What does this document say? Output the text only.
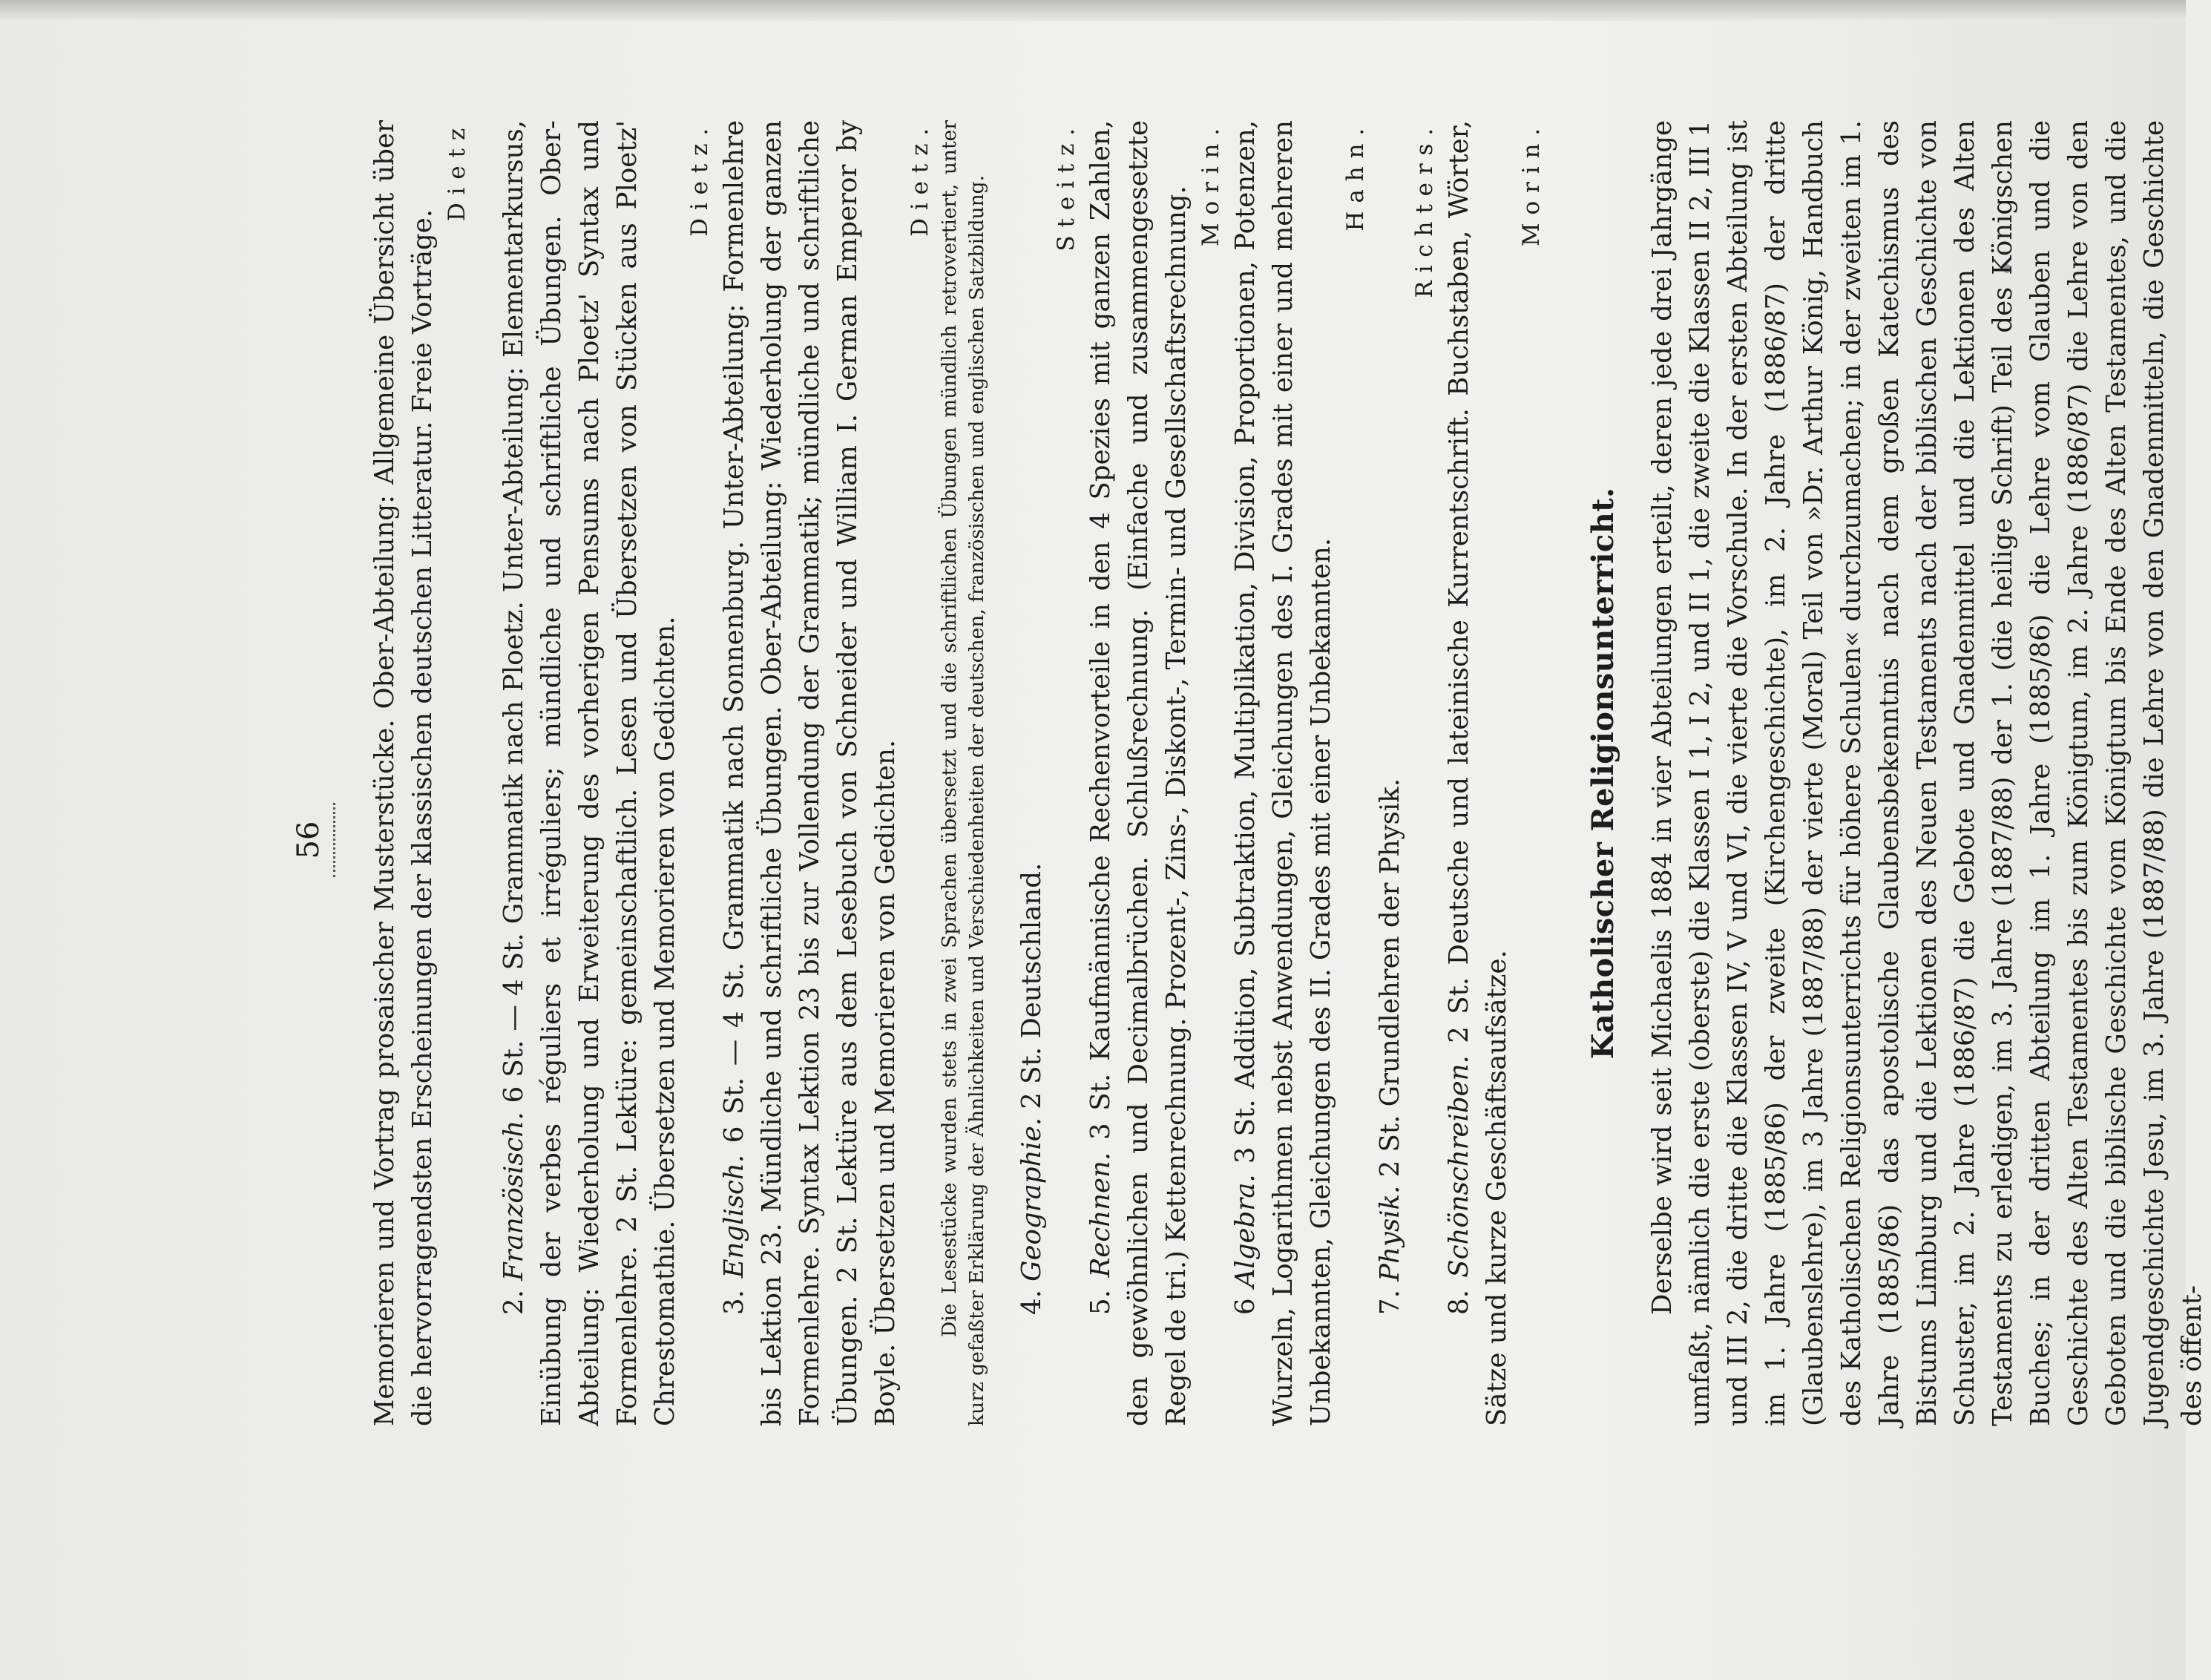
56 Memorieren und Vortrag prosaischer Musterstücke. Ober-Abteilung: Allgemeine Übersicht über die hervorragendsten Erscheinungen der klassischen deutschen Litteratur. Freie Vorträge.

Dietz

2. Französisch. 6 St. — 4 St. Grammatik nach Ploetz. Unter-Abteilung: Elementarkursus, Einübung der verbes réguliers et irréguliers; mündliche und schriftliche Übungen. Ober-Abteilung: Wiederholung und Erweiterung des vorherigen Pensums nach Ploetz' Syntax und Formenlehre. 2 St. Lektüre: gemeinschaftlich. Lesen und Übersetzen von Stücken aus Ploetz' Chrestomathie. Übersetzen und Memorieren von Gedichten.

Dietz.

3. Englisch. 6 St. — 4 St. Grammatik nach Sonnenburg. Unter-Abteilung: Formenlehre bis Lektion 23. Mündliche und schriftliche Übungen. Ober-Abteilung: Wiederholung der ganzen Formenlehre. Syntax Lektion 23 bis zur Vollendung der Grammatik; mündliche und schriftliche Übungen. 2 St. Lektüre aus dem Lesebuch von Schneider und William I. German Emperor by Boyle. Übersetzen und Memorieren von Gedichten.

Dietz. Die Lesestücke wurden stets in zwei Sprachen übersetzt und die schriftlichen Übungen mündlich retrovertiert, unter kurz gefaßter Erklärung der Ähnlichkeiten und Verschiedenheiten der deutschen, französischen und englischen Satzbildung. 4. Geographie. 2 St. Deutschland.

Steitz.

5. Rechnen. 3 St. Kaufmännische Rechenvorteile in den 4 Spezies mit ganzen Zahlen, den gewöhnlichen und Decimalbrüchen. Schlußrechnung. (Einfache und zusammengesetzte Regel de tri.) Kettenrechnung. Prozent-, Zins-, Diskont-, Termin- und Gesellschaftsrechnung.

Morin.

6 Algebra. 3 St. Addition, Subtraktion, Multiplikation, Division, Proportionen, Potenzen, Wurzeln, Logarithmen nebst Anwendungen, Gleichungen des I. Grades mit einer und mehreren Unbekannten, Gleichungen des II. Grades mit einer Unbekannten.

Hahn.

7. Physik. 2 St. Grundlehren der Physik.

Richters.

8. Schönschreiben. 2 St. Deutsche und lateinische Kurrentschrift. Buchstaben, Wörter, Sätze und kurze Geschäftsaufsätze.

Morin.

Katholischer Religionsunterricht. Derselbe wird seit Michaelis 1884 in vier Abteilungen erteilt, deren jede drei Jahrgänge umfaßt, nämlich die erste (oberste) die Klassen I 1, I 2, und II 1, die zweite die Klassen II 2, III 1 und III 2, die dritte die Klassen IV, V und VI, die vierte die Vorschule. In der ersten Abteilung ist im 1. Jahre (1885/86) der zweite (Kirchengeschichte), im 2. Jahre (1886/87) der dritte (Glaubenslehre), im 3 Jahre (1887/88) der vierte (Moral) Teil von »Dr. Arthur König, Handbuch des Katholischen Religionsunterrichts für höhere Schulen« durchzumachen; in der zweiten im 1. Jahre (1885/86) das apostolische Glaubensbekenntnis nach dem großen Katechismus des Bistums Limburg und die Lektionen des Neuen Testaments nach der biblischen Geschichte von Schuster, im 2. Jahre (1886/87) die Gebote und Gnadenmittel und die Lektionen des Alten Testaments zu erledigen, im 3. Jahre (1887/88) der 1. (die heilige Schrift) Teil des Königschen Buches; in der dritten Abteilung im 1. Jahre (1885/86) die Lehre vom Glauben und die Geschichte des Alten Testamentes bis zum Königtum, im 2. Jahre (1886/87) die Lehre von den Geboten und die biblische Geschichte vom Königtum bis Ende des Alten Testamentes, und die Jugendgeschichte Jesu, im 3. Jahre (1887/88) die Lehre von den Gnadenmitteln, die Geschichte des öffent-
